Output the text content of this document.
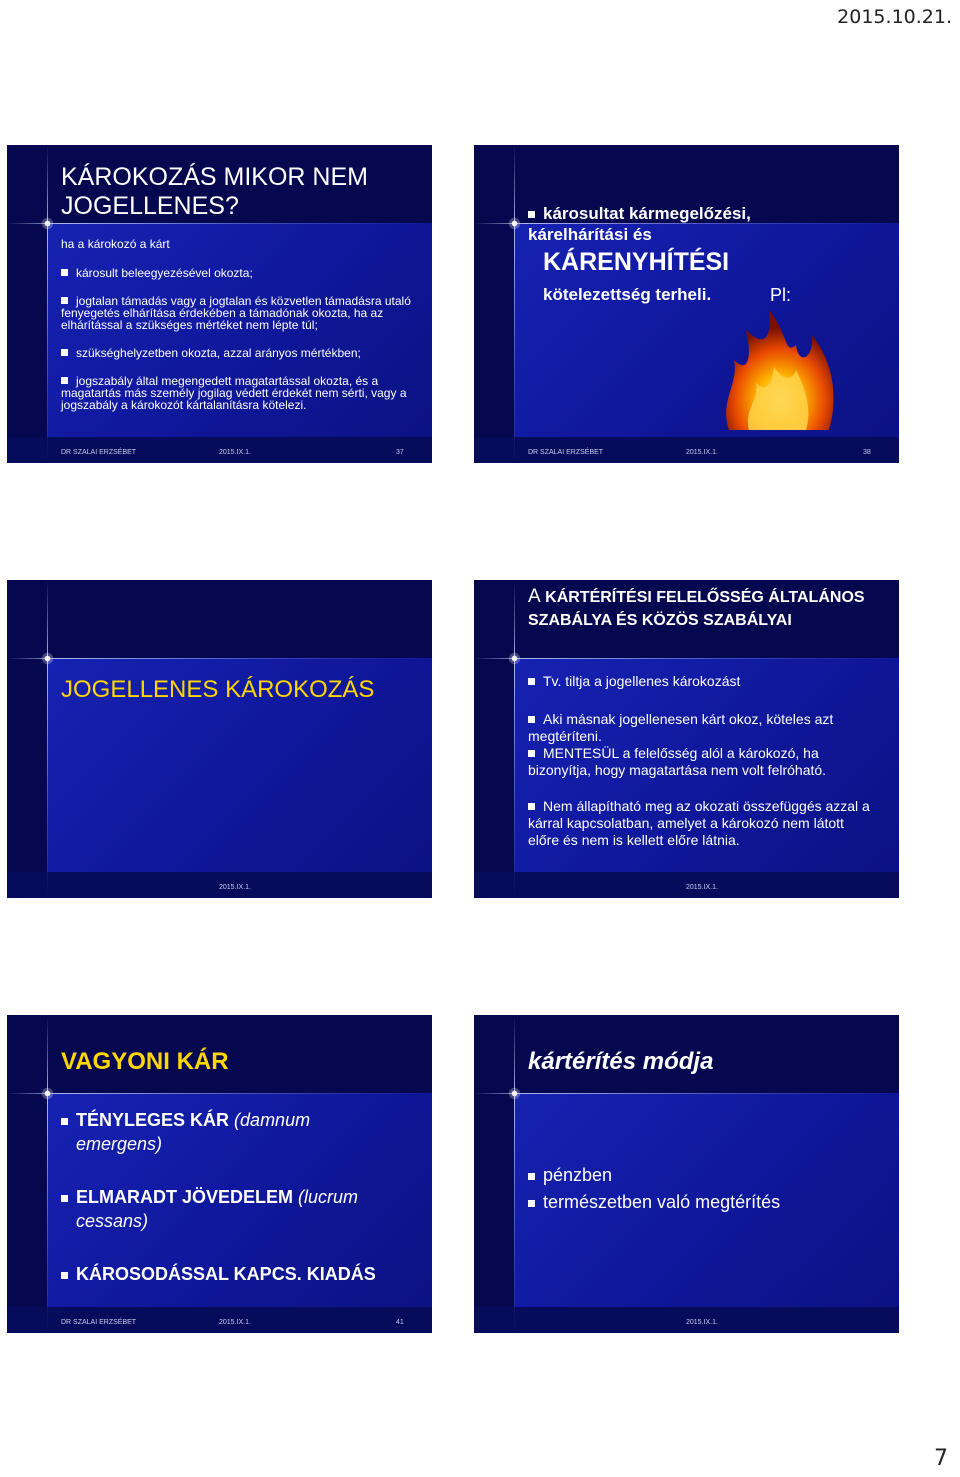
2015.10.21.
KÁROKOZÁS MIKOR NEM JOGELLENES?
ha a károkozó a kárt
károsult beleegyezésével okozta;
jogtalan támadás vagy a jogtalan és közvetlen támadásra utaló fenyegetés elhárítása érdekében a támadónak okozta, ha az elhárítással a szükséges mértéket nem lépte túl;
szükséghelyzetben okozta, azzal arányos mértékben;
jogszabály által megengedett magatartással okozta, és a magatartás más személy jogilag védett érdekét nem sérti, vagy a jogszabály a károkozót kártalanításra kötelezi.
DR SZALAI ERZSÉBET	2015.IX.1.	37
károsultat kármegelőzési, kárelhárítási és
KÁRENYHÍTÉSI
kötelezettség terheli.	Pl:
DR SZALAI ERZSÉBET	2015.IX.1.	38
JOGELLENES KÁROKOZÁS
2015.IX.1.
A KÁRTÉRÍTÉSI FELELŐSSÉG ÁLTALÁNOS SZABÁLYA ÉS KÖZÖS SZABÁLYAI
Tv. tiltja a jogellenes károkozást
Aki másnak jogellenesen kárt okoz, köteles azt megtéríteni.
MENTESÜL a felelősség alól a károkozó, ha bizonyítja, hogy magatartása nem volt felróható.
Nem állapítható meg az okozati összefüggés azzal a kárral kapcsolatban, amelyet a károkozó nem látott előre és nem is kellett előre látnia.
2015.IX.1.
VAGYONI KÁR
TÉNYLEGES KÁR (damnum
emergens)
ELMARADT JÖVEDELEM (lucrum
cessans)
KÁROSODÁSSAL KAPCS. KIADÁS
DR SZALAI ERZSÉBET	2015.IX.1.	41
kártérítés módja
pénzben
természetben való megtérítés
2015.IX.1.
7
